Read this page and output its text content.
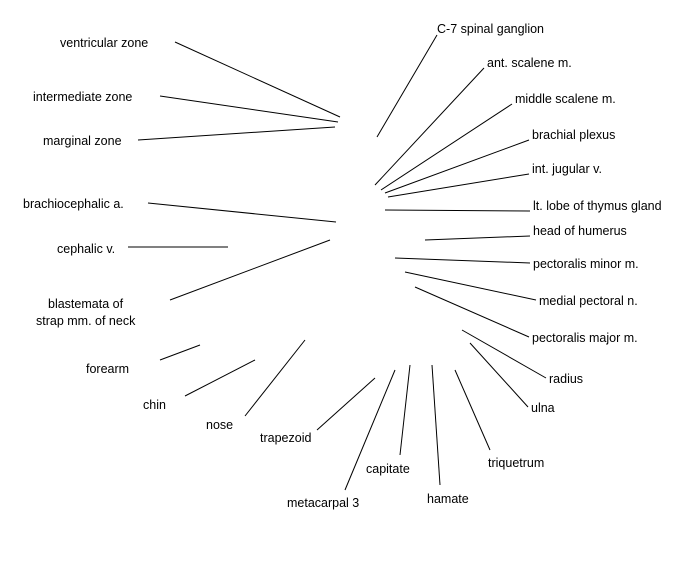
ventricular zone
intermediate zone
marginal zone
brachiocephalic a.
cephalic v.
blastemata of
strap mm. of neck
forearm
chin
nose
trapezoid
metacarpal 3
capitate
hamate
triquetrum
C-7 spinal ganglion
ant. scalene m.
middle scalene m.
brachial plexus
int. jugular v.
lt. lobe of thymus gland
head of humerus
pectoralis minor m.
medial pectoral n.
pectoralis major m.
radius
ulna
